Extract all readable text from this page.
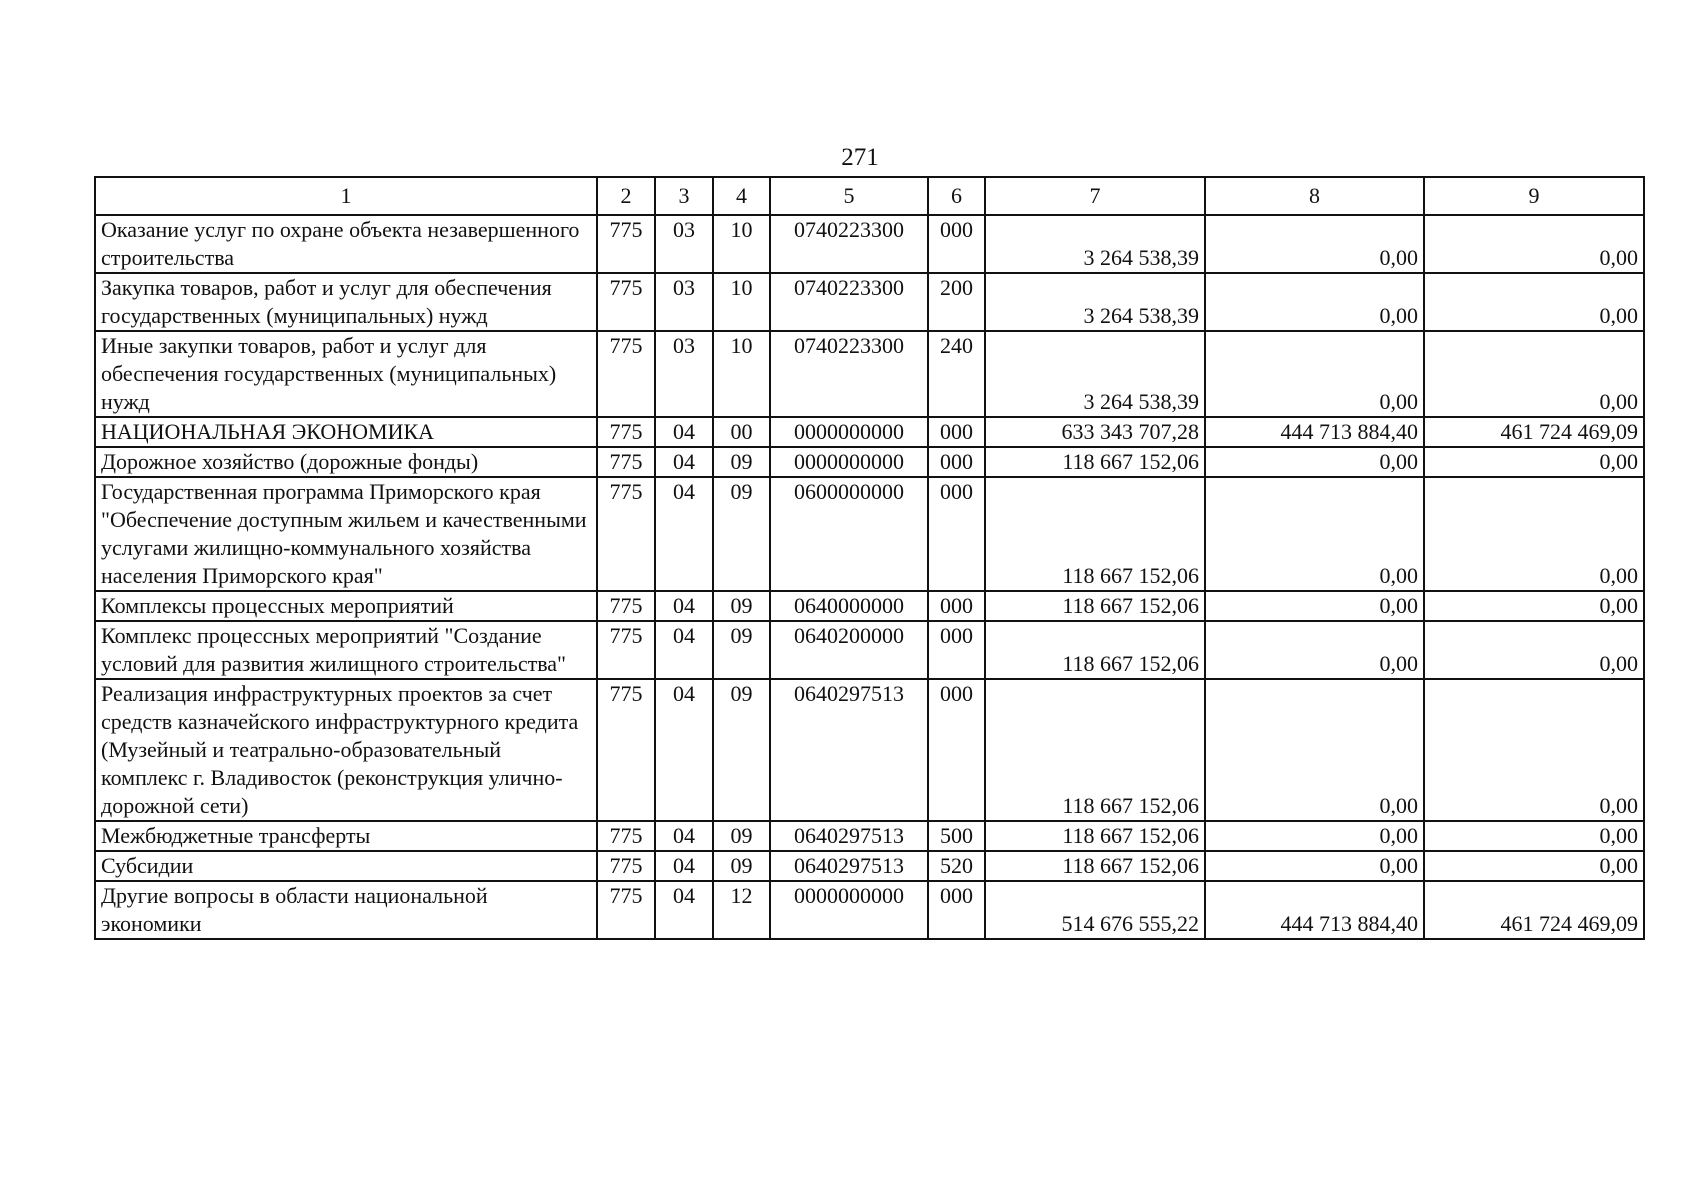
271
1	2	3	4	5	6	7	8	9
Оказание услуг по охране объекта незавершенного строительства	775	03	10	0740223300	000	3 264 538,39	0,00	0,00
Закупка товаров, работ и услуг для обеспечения государственных (муниципальных) нужд	775	03	10	0740223300	200	3 264 538,39	0,00	0,00
Иные закупки товаров, работ и услуг для обеспечения государственных (муниципальных) нужд	775	03	10	0740223300	240	3 264 538,39	0,00	0,00
НАЦИОНАЛЬНАЯ ЭКОНОМИКА	775	04	00	0000000000	000	633 343 707,28	444 713 884,40	461 724 469,09
Дорожное хозяйство (дорожные фонды)	775	04	09	0000000000	000	118 667 152,06	0,00	0,00
Государственная программа Приморского края "Обеспечение доступным жильем и качественными услугами жилищно-коммунального хозяйства населения Приморского края"	775	04	09	0600000000	000	118 667 152,06	0,00	0,00
Комплексы процессных мероприятий	775	04	09	0640000000	000	118 667 152,06	0,00	0,00
Комплекс процессных мероприятий "Создание условий для развития жилищного строительства"	775	04	09	0640200000	000	118 667 152,06	0,00	0,00
Реализация инфраструктурных проектов за счет средств казначейского инфраструктурного кредита (Музейный и театрально-образовательный комплекс г. Владивосток (реконструкция улично-дорожной сети)	775	04	09	0640297513	000	118 667 152,06	0,00	0,00
Межбюджетные трансферты	775	04	09	0640297513	500	118 667 152,06	0,00	0,00
Субсидии	775	04	09	0640297513	520	118 667 152,06	0,00	0,00
Другие вопросы в области национальной экономики	775	04	12	0000000000	000	514 676 555,22	444 713 884,40	461 724 469,09
